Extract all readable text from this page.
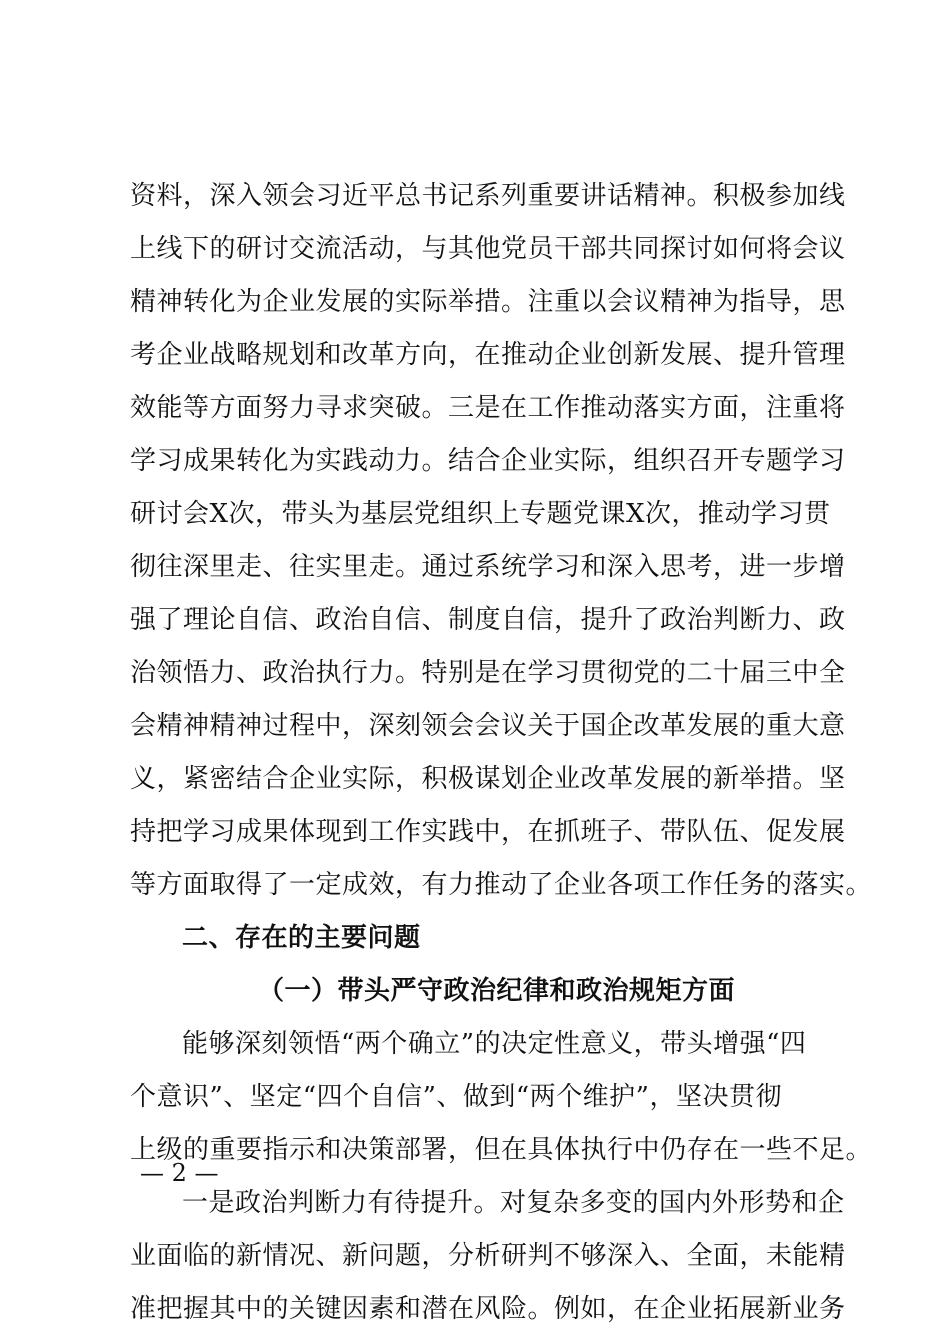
资料，深入领会习近平总书记系列重要讲话精神。积极参加线
上线下的研讨交流活动，与其他党员干部共同探讨如何将会议
精神转化为企业发展的实际举措。注重以会议精神为指导，思
考企业战略规划和改革方向，在推动企业创新发展、提升管理
效能等方面努力寻求突破。三是在工作推动落实方面，注重将
学习成果转化为实践动力。结合企业实际，组织召开专题学习
研讨会X次，带头为基层党组织上专题党课X次，推动学习贯
彻往深里走、往实里走。通过系统学习和深入思考，进一步增
强了理论自信、政治自信、制度自信，提升了政治判断力、政
治领悟力、政治执行力。特别是在学习贯彻党的二十届三中全
会精神精神过程中，深刻领会会议关于国企改革发展的重大意
义，紧密结合企业实际，积极谋划企业改革发展的新举措。坚
持把学习成果体现到工作实践中，在抓班子、带队伍、促发展
等方面取得了一定成效，有力推动了企业各项工作任务的落实。
二、存在的主要问题
（一）带头严守政治纪律和政治规矩方面
能够深刻领悟“两个确立”的决定性意义，带头增强“四
个意识”、坚定“四个自信”、做到“两个维护”，坚决贯彻
上级的重要指示和决策部署，但在具体执行中仍存在一些不足。
一是政治判断力有待提升。对复杂多变的国内外形势和企
业面临的新情况、新问题，分析研判不够深入、全面，未能精
准把握其中的关键因素和潜在风险。例如，在企业拓展新业务
— 2 —
